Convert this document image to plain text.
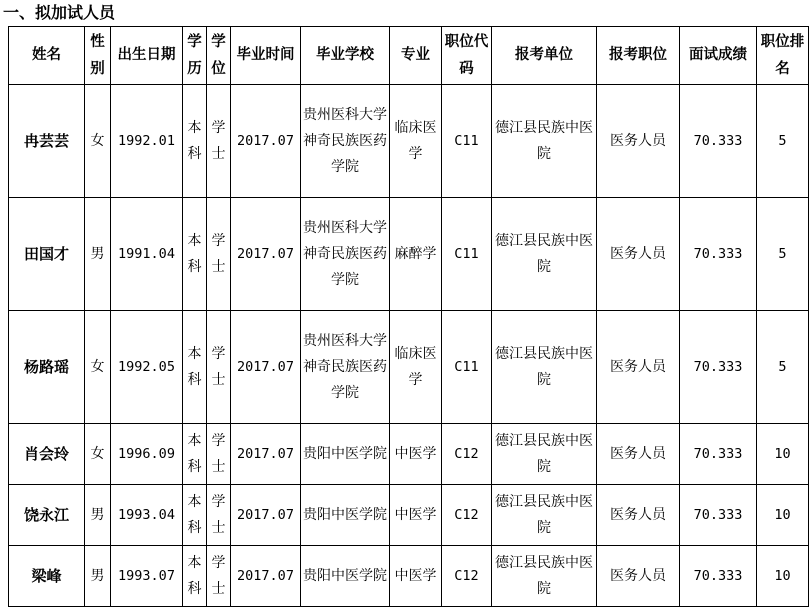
一、拟加试人员
姓名	性别	出生日期	学历	学位	毕业时间	毕业学校	专业	职位代码	报考单位	报考职位	面试成绩	职位排名
冉芸芸	女	1992.01	本科	学士	2017.07	贵州医科大学神奇民族医药学院	临床医学	C11	德江县民族中医院	医务人员	70.333	5
田国才	男	1991.04	本科	学士	2017.07	贵州医科大学神奇民族医药学院	麻醉学	C11	德江县民族中医院	医务人员	70.333	5
杨路瑶	女	1992.05	本科	学士	2017.07	贵州医科大学神奇民族医药学院	临床医学	C11	德江县民族中医院	医务人员	70.333	5
肖会玲	女	1996.09	本科	学士	2017.07	贵阳中医学院	中医学	C12	德江县民族中医院	医务人员	70.333	10
饶永江	男	1993.04	本科	学士	2017.07	贵阳中医学院	中医学	C12	德江县民族中医院	医务人员	70.333	10
梁峰	男	1993.07	本科	学士	2017.07	贵阳中医学院	中医学	C12	德江县民族中医院	医务人员	70.333	10
